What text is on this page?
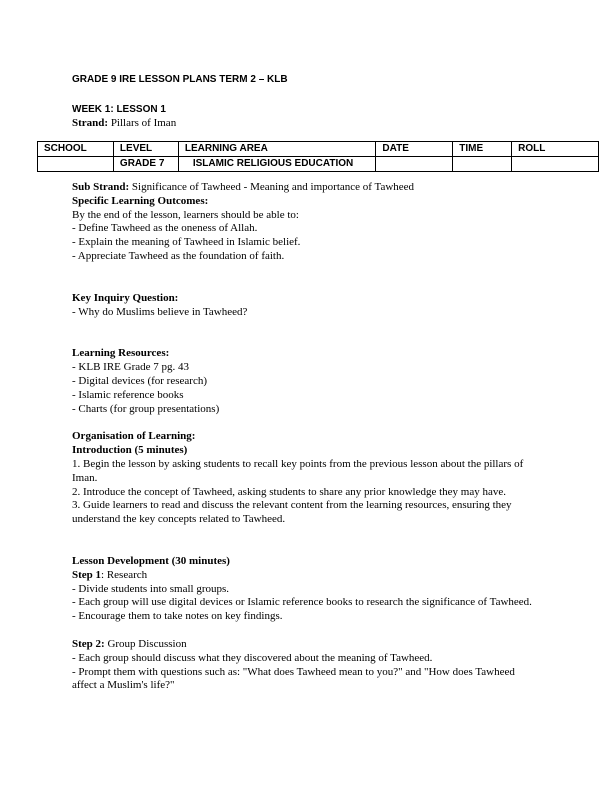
GRADE 9 IRE LESSON PLANS TERM 2 – KLB
WEEK 1: LESSON 1
Strand: Pillars of Iman
SCHOOL	LEVEL	LEARNING AREA	DATE	TIME	ROLL
	GRADE 7	ISLAMIC RELIGIOUS EDUCATION			

Sub Strand: Significance of Tawheed - Meaning and importance of Tawheed

Specific Learning Outcomes:

By the end of the lesson, learners should be able to:

- Define Tawheed as the oneness of Allah.

- Explain the meaning of Tawheed in Islamic belief.

- Appreciate Tawheed as the foundation of faith.

Key Inquiry Question:

- Why do Muslims believe in Tawheed?

Learning Resources:

- KLB IRE Grade 7 pg. 43

- Digital devices (for research)

- Islamic reference books

- Charts (for group presentations)

Organisation of Learning:

Introduction (5 minutes)

1. Begin the lesson by asking students to recall key points from the previous lesson about the pillars of Iman.

2. Introduce the concept of Tawheed, asking students to share any prior knowledge they may have.

3. Guide learners to read and discuss the relevant content from the learning resources, ensuring they understand the key concepts related to Tawheed.

Lesson Development (30 minutes)

Step 1: Research

- Divide students into small groups.

- Each group will use digital devices or Islamic reference books to research the significance of Tawheed.

- Encourage them to take notes on key findings.

Step 2: Group Discussion

- Each group should discuss what they discovered about the meaning of Tawheed.

- Prompt them with questions such as: "What does Tawheed mean to you?" and "How does Tawheed affect a Muslim's life?"
